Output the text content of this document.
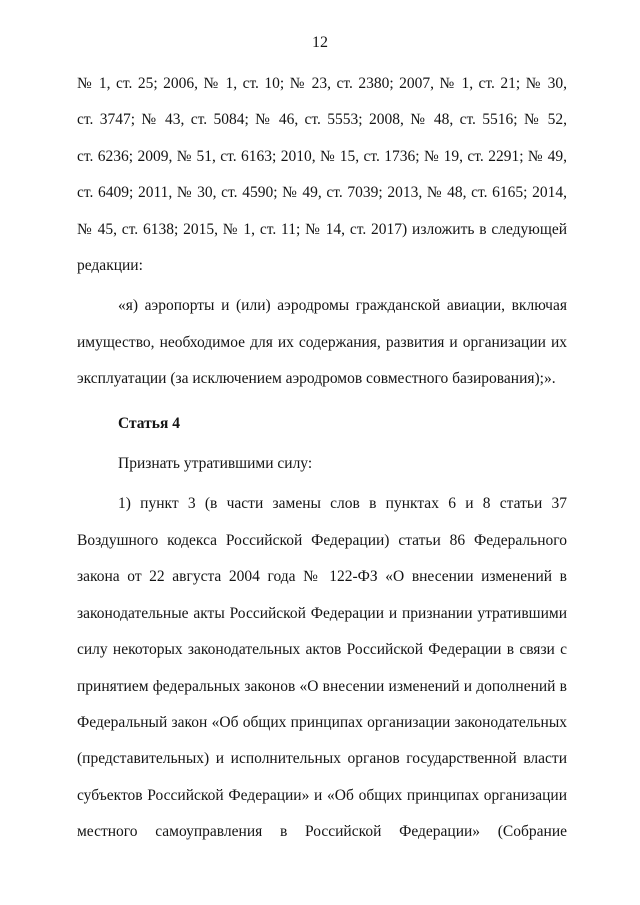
12

№ 1, ст. 25; 2006, № 1, ст. 10; № 23, ст. 2380; 2007, № 1, ст. 21; № 30,

ст. 3747; № 43, ст. 5084; № 46, ст. 5553; 2008, № 48, ст. 5516; № 52,

ст. 6236; 2009, № 51, ст. 6163; 2010, № 15, ст. 1736; № 19, ст. 2291; № 49,

ст. 6409; 2011, № 30, ст. 4590; № 49, ст. 7039; 2013, № 48, ст. 6165; 2014,

№ 45, ст. 6138; 2015, № 1, ст. 11; № 14, ст. 2017) изложить в следующей

редакции:

«я) аэропорты и (или) аэродромы гражданской авиации, включая

имущество, необходимое для их содержания, развития и организации их

эксплуатации (за исключением аэродромов совместного базирования);».

Статья 4

Признать утратившими силу:

1) пункт 3 (в части замены слов в пунктах 6 и 8 статьи 37

Воздушного кодекса Российской Федерации) статьи 86 Федерального

закона от 22 августа 2004 года № 122-ФЗ «О внесении изменений в

законодательные акты Российской Федерации и признании утратившими

силу некоторых законодательных актов Российской Федерации в связи с

принятием федеральных законов «О внесении изменений и дополнений в

Федеральный закон «Об общих принципах организации законодательных

(представительных) и исполнительных органов государственной власти

субъектов Российской Федерации» и «Об общих принципах организации

местного самоуправления в Российской Федерации» (Собрание
